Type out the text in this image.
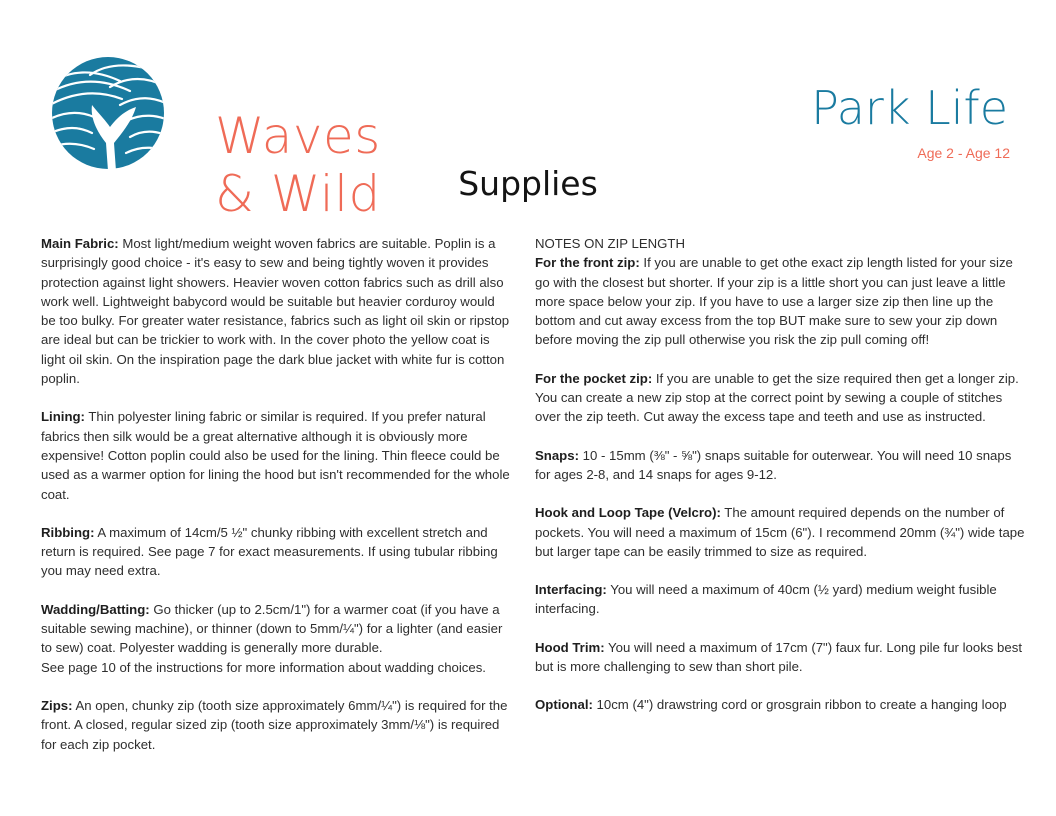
Waves
& Wild
Park Life
Age 2 - Age 12
Supplies

Main Fabric: Most light/medium weight woven fabrics are suitable. Poplin is a surprisingly good choice - it's easy to sew and being tightly woven it provides protection against light showers. Heavier woven cotton fabrics such as drill also work well. Lightweight babycord would be suitable but heavier corduroy would be too bulky. For greater water resistance, fabrics such as light oil skin or ripstop are ideal but can be trickier to work with. In the cover photo the yellow coat is light oil skin. On the inspiration page the dark blue jacket with white fur is cotton poplin.

Lining: Thin polyester lining fabric or similar is required. If you prefer natural fabrics then silk would be a great alternative although it is obviously more expensive! Cotton poplin could also be used for the lining. Thin fleece could be used as a warmer option for lining the hood but isn't recommended for the whole coat.

Ribbing: A maximum of 14cm/5 ½" chunky ribbing with excellent stretch and return is required. See page 7 for exact measurements. If using tubular ribbing you may need extra.

Wadding/Batting: Go thicker (up to 2.5cm/1") for a warmer coat (if you have a suitable sewing machine), or thinner (down to 5mm/¼") for a lighter (and easier to sew) coat. Polyester wadding is generally more durable.
See page 10 of the instructions for more information about wadding choices.

Zips: An open, chunky zip (tooth size approximately 6mm/¼") is required for the front. A closed, regular sized zip (tooth size approximately 3mm/⅛") is required for each zip pocket.

NOTES ON ZIP LENGTH
For the front zip: If you are unable to get othe exact zip length listed for your size go with the closest but shorter. If your zip is a little short you can just leave a little more space below your zip. If you have to use a larger size zip then line up the bottom and cut away excess from the top BUT make sure to sew your zip down before moving the zip pull otherwise you risk the zip pull coming off!

For the pocket zip: If you are unable to get the size required then get a longer zip. You can create a new zip stop at the correct point by sewing a couple of stitches over the zip teeth. Cut away the excess tape and teeth and use as instructed.

Snaps: 10 - 15mm (⅜" - ⅝") snaps suitable for outerwear. You will need 10 snaps for ages 2-8, and 14 snaps for ages 9-12.

Hook and Loop Tape (Velcro): The amount required depends on the number of pockets. You will need a maximum of 15cm (6"). I recommend 20mm (¾") wide tape but larger tape can be easily trimmed to size as required.

Interfacing: You will need a maximum of 40cm (½ yard) medium weight fusible interfacing.

Hood Trim: You will need a maximum of 17cm (7") faux fur. Long pile fur looks best but is more challenging to sew than short pile.

Optional: 10cm (4") drawstring cord or grosgrain ribbon to create a hanging loop
